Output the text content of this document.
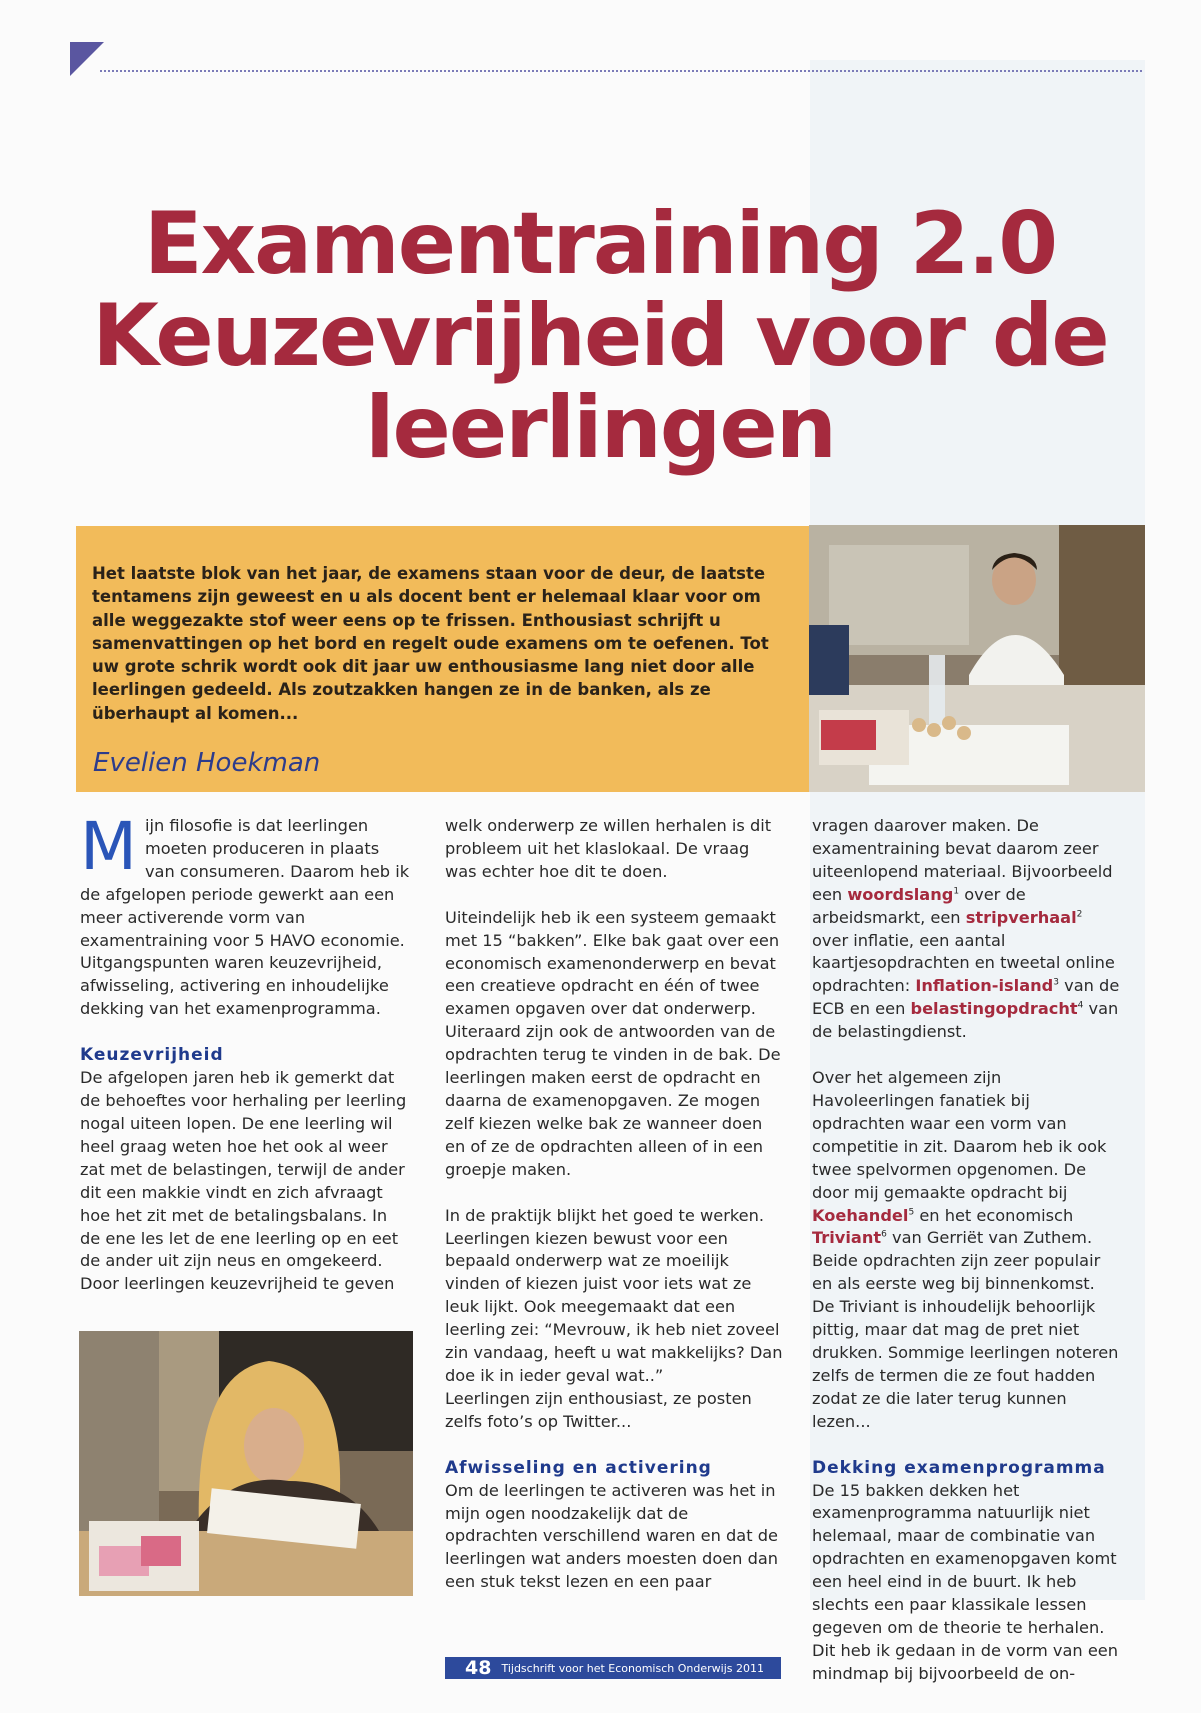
Examentraining 2.0
Keuzevrijheid voor de
leerlingen

Het laatste blok van het jaar, de examens staan voor de deur, de laatste tentamens zijn geweest en u als docent bent er helemaal klaar voor om alle weggezakte stof weer eens op te frissen. Enthousiast schrijft u samenvattingen op het bord en regelt oude examens om te oefenen. Tot uw grote schrik wordt ook dit jaar uw enthousiasme lang niet door alle leerlingen gedeeld. Als zoutzakken hangen ze in de banken, als ze überhaupt al komen...

Evelien Hoekman

Mijn filosofie is dat leerlingen moeten produceren in plaats van consumeren. Daarom heb ik de afgelopen periode gewerkt aan een meer activerende vorm van examentraining voor 5 HAVO economie. Uitgangspunten waren keuzevrijheid, afwisseling, activering en inhoudelijke dekking van het examenprogramma.

Keuzevrijheid

De afgelopen jaren heb ik gemerkt dat de behoeftes voor herhaling per leerling nogal uiteen lopen. De ene leerling wil heel graag weten hoe het ook al weer zat met de belastingen, terwijl de ander dit een makkie vindt en zich afvraagt hoe het zit met de betalingsbalans. In de ene les let de ene leerling op en eet de ander uit zijn neus en omgekeerd. Door leerlingen keuzevrijheid te geven

welk onderwerp ze willen herhalen is dit probleem uit het klaslokaal. De vraag was echter hoe dit te doen.

Uiteindelijk heb ik een systeem gemaakt met 15 “bakken”. Elke bak gaat over een economisch examenonderwerp en bevat een creatieve opdracht en één of twee examen opgaven over dat onderwerp. Uiteraard zijn ook de antwoorden van de opdrachten terug te vinden in de bak. De leerlingen maken eerst de opdracht en daarna de examenopgaven. Ze mogen zelf kiezen welke bak ze wanneer doen en of ze de opdrachten alleen of in een groepje maken.

In de praktijk blijkt het goed te werken. Leerlingen kiezen bewust voor een bepaald onderwerp wat ze moeilijk vinden of kiezen juist voor iets wat ze leuk lijkt. Ook meegemaakt dat een leerling zei: “Mevrouw, ik heb niet zoveel zin vandaag, heeft u wat makkelijks? Dan doe ik in ieder geval wat..”

Leerlingen zijn enthousiast, ze posten zelfs foto’s op Twitter...

Afwisseling en activering

Om de leerlingen te activeren was het in mijn ogen noodzakelijk dat de opdrachten verschillend waren en dat de leerlingen wat anders moesten doen dan een stuk tekst lezen en een paar

vragen daarover maken. De examentraining bevat daarom zeer uiteenlopend materiaal. Bijvoorbeeld een woordslang$^1$ over de arbeidsmarkt, een stripverhaal$^2$ over inflatie, een aantal kaartjesopdrachten en tweetal online opdrachten: Inflation-island$^3$ van de ECB en een belastingopdracht$^4$ van de belastingdienst.

Over het algemeen zijn Havoleerlingen fanatiek bij opdrachten waar een vorm van competitie in zit. Daarom heb ik ook twee spelvormen opgenomen. De door mij gemaakte opdracht bij Koehandel$^5$ en het economisch Triviant$^6$ van Gerriët van Zuthem. Beide opdrachten zijn zeer populair en als eerste weg bij binnenkomst. De Triviant is inhoudelijk behoorlijk pittig, maar dat mag de pret niet drukken. Sommige leerlingen noteren zelfs de termen die ze fout hadden zodat ze die later terug kunnen lezen...

Dekking examenprogramma

De 15 bakken dekken het examenprogramma natuurlijk niet helemaal, maar de combinatie van opdrachten en examenopgaven komt een heel eind in de buurt. Ik heb slechts een paar klassikale lessen gegeven om de theorie te herhalen. Dit heb ik gedaan in de vorm van een mindmap bij bijvoorbeeld de on-

48 Tijdschrift voor het Economisch Onderwijs 2011
